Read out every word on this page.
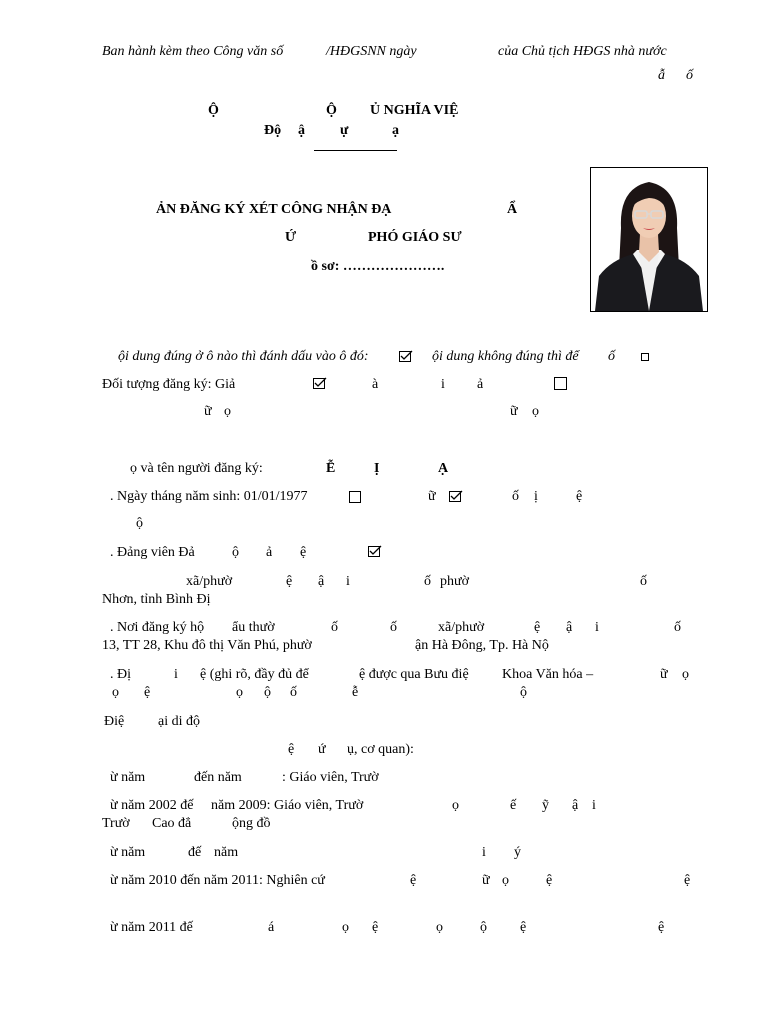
Ban hành kèm theo Công văn số	/HĐGSNN ngày	của Chủ tịch HĐGS nhà nước
ẫ ố
Ộ	Ộ Ủ NGHĨA VIỆ
Độ ậ	ự	ạ
ẢN ĐĂNG KÝ XÉT CÔNG NHẬN ĐẠ	Ẩ
Ứ	PHÓ GIÁO SƯ
ồ sơ: ………………….
ội dung đúng ở ô nào thì đánh dấu vào ô đó:	ội dung không đúng thì để ố
Đối tượng đăng ký: Giả	à	i ả
ữ ọ	ữ ọ
ọ và tên người đăng ký:	Ễ	Ị	Ạ
. Ngày tháng năm sinh: 01/01/1977	ữ	ố ị	ệ
ộ
. Đảng viên Đả	ộ ả ệ
xã/phườ	ệ ậ i	ố phườ	ố
Nhơn, tỉnh Bình Đị
. Nơi đăng ký hộ ẩu thườ	ố	ố	xã/phườ	ệ ậ i	ố
13, TT 28, Khu đô thị Văn Phú, phườ	ận Hà Đông, Tp. Hà Nộ
. Đị	i ệ (ghi rõ, đầy đủ để	ệ được qua Bưu điệ Khoa Văn hóa –	ữ ọ
ọ ệ	ọ ộ ố	ễ	ộ
Điệ ại di độ
ệ ứ ụ, cơ quan):
ừ năm	đến năm	: Giáo viên, Trườ
ừ năm 2002 đế năm 2009: Giáo viên, Trườ	ọ	ế ỹ ậ i
Trườ Cao đẳ	ộng đồ
ừ năm	đế năm	i ý
ừ năm 2010 đến năm 2011: Nghiên cứ	ệ	ữ ọ	ệ	ệ
ừ năm 2011 đế	á	ọ ệ	ọ	ộ ệ	ệ
